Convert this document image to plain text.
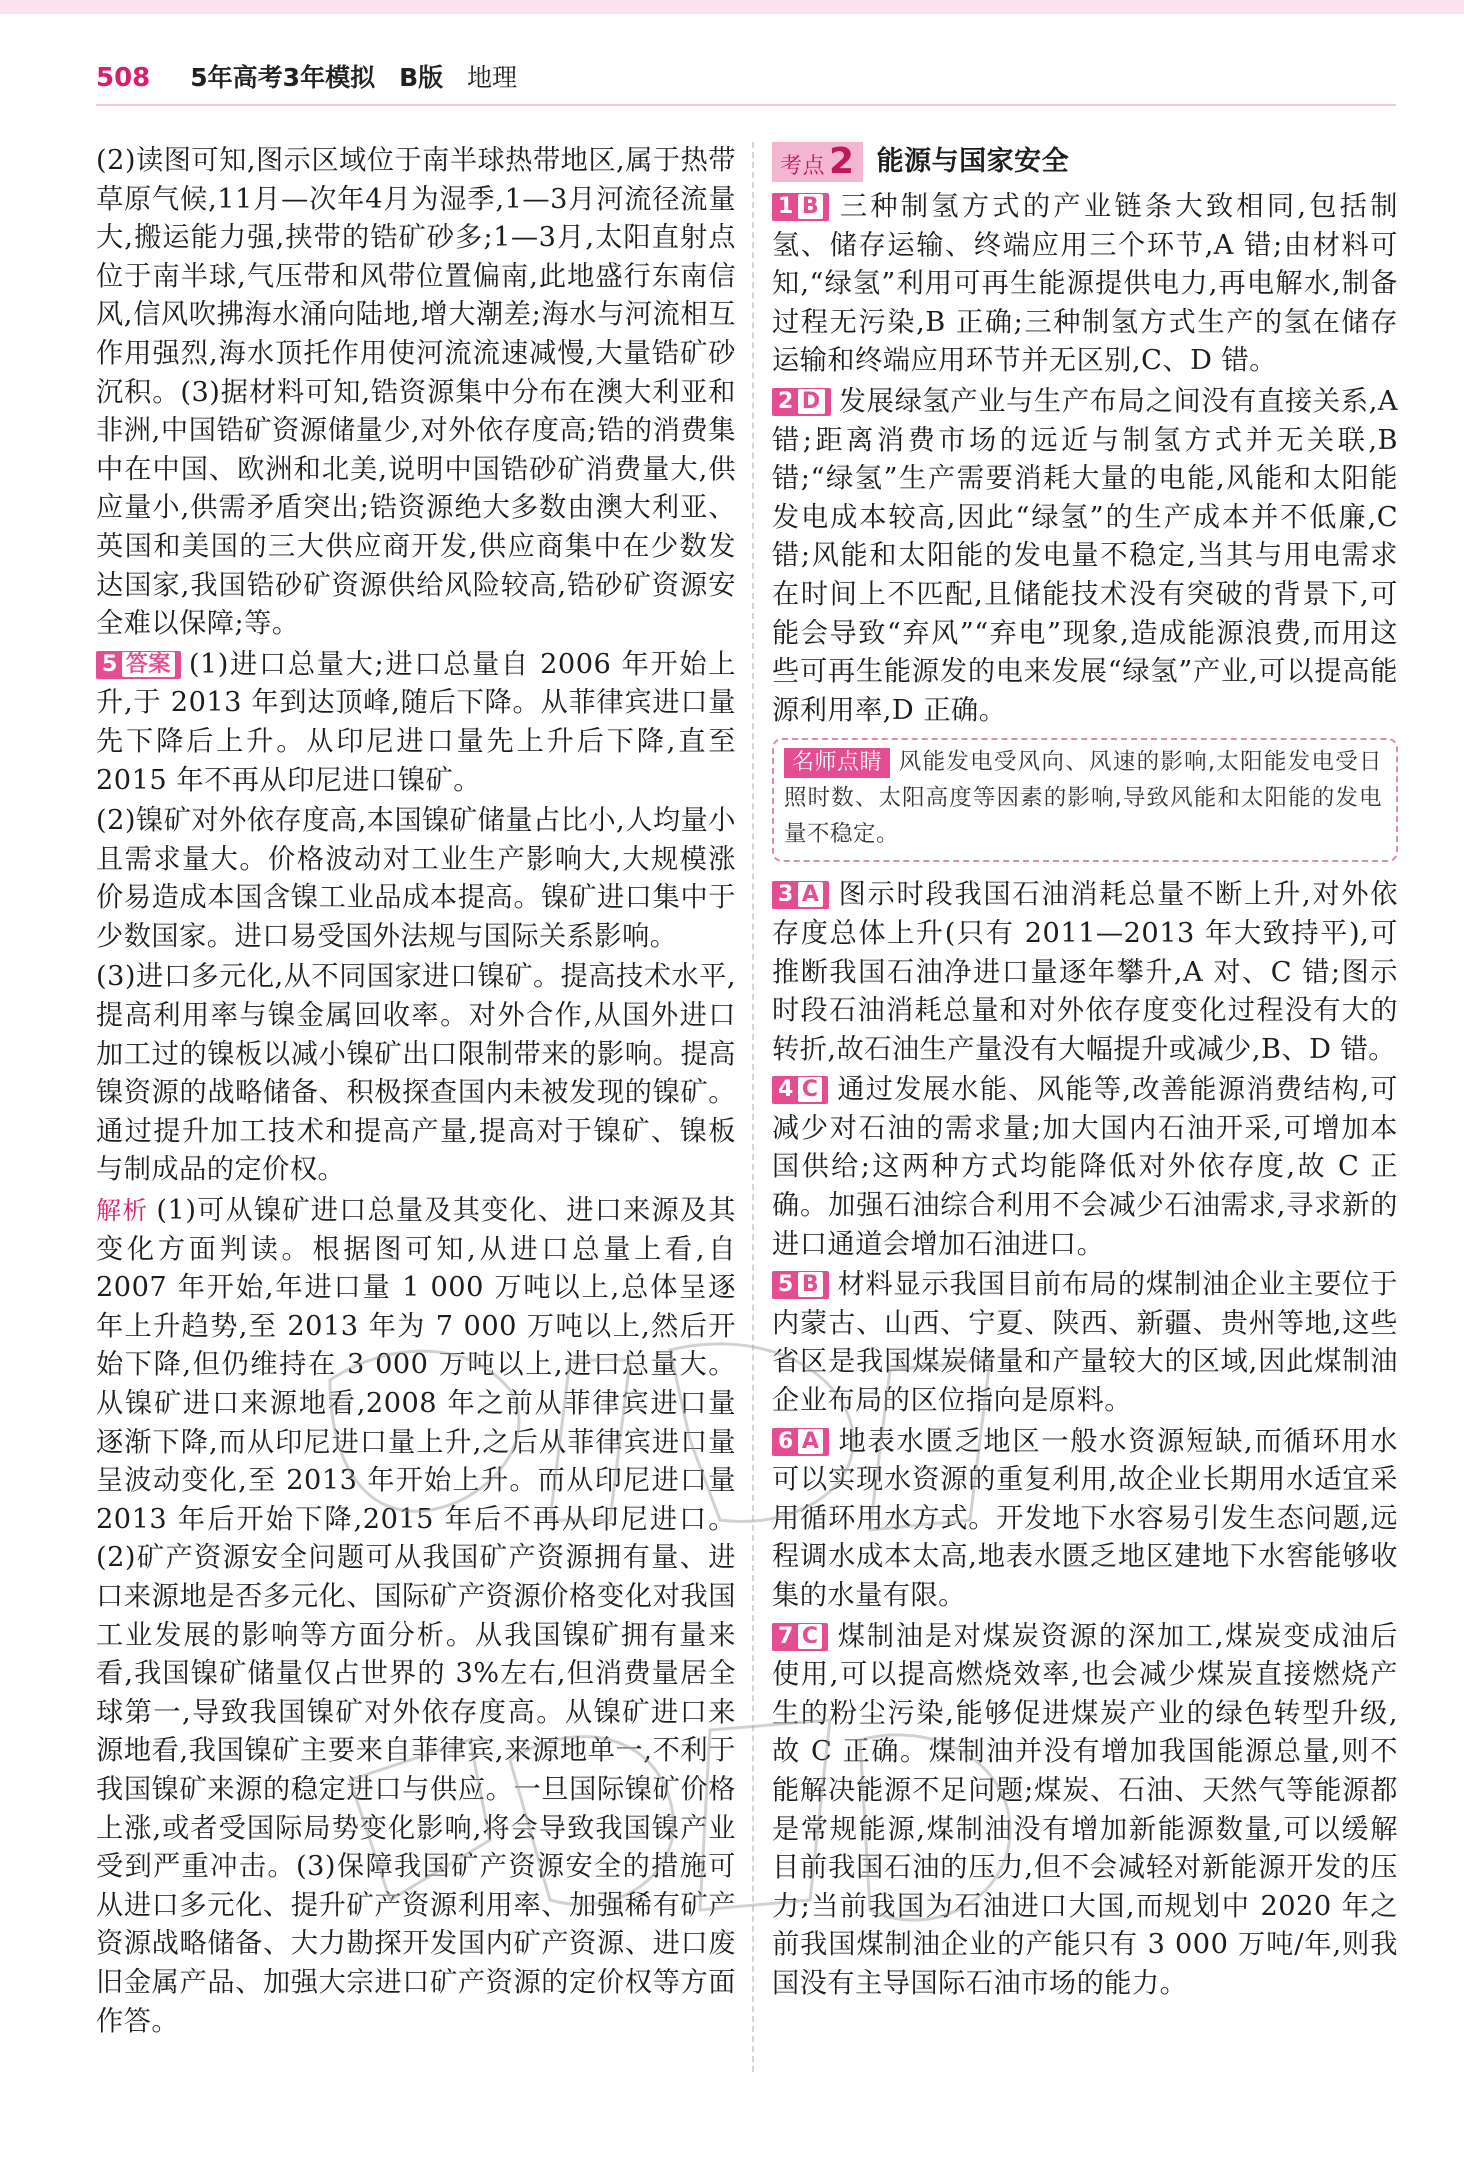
508 5年高考3年模拟 B版 地理

(2)读图可知,图示区域位于南半球热带地区,属于热带草原气候,11月—次年4月为湿季,1—3月河流径流量大,搬运能力强,挟带的锆矿砂多;1—3月,太阳直射点位于南半球,气压带和风带位置偏南,此地盛行东南信风,信风吹拂海水涌向陆地,增大潮差;海水与河流相互作用强烈,海水顶托作用使河流流速减慢,大量锆矿砂沉积。(3)据材料可知,锆资源集中分布在澳大利亚和非洲,中国锆矿资源储量少,对外依存度高;锆的消费集中在中国、欧洲和北美,说明中国锆砂矿消费量大,供应量小,供需矛盾突出;锆资源绝大多数由澳大利亚、英国和美国的三大供应商开发,供应商集中在少数发达国家,我国锆砂矿资源供给风险较高,锆砂矿资源安全难以保障;等。

5 答案 (1)进口总量大;进口总量自 2006 年开始上升,于 2013 年到达顶峰,随后下降。从菲律宾进口量先下降后上升。从印尼进口量先上升后下降,直至 2015 年不再从印尼进口镍矿。

(2)镍矿对外依存度高,本国镍矿储量占比小,人均量小且需求量大。价格波动对工业生产影响大,大规模涨价易造成本国含镍工业品成本提高。镍矿进口集中于少数国家。进口易受国外法规与国际关系影响。

(3)进口多元化,从不同国家进口镍矿。提高技术水平,提高利用率与镍金属回收率。对外合作,从国外进口加工过的镍板以减小镍矿出口限制带来的影响。提高镍资源的战略储备、积极探查国内未被发现的镍矿。通过提升加工技术和提高产量,提高对于镍矿、镍板与制成品的定价权。

解析 (1)可从镍矿进口总量及其变化、进口来源及其变化方面判读。根据图可知,从进口总量上看,自 2007 年开始,年进口量 1 000 万吨以上,总体呈逐年上升趋势,至 2013 年为 7 000 万吨以上,然后开始下降,但仍维持在 3 000 万吨以上,进口总量大。从镍矿进口来源地看,2008 年之前从菲律宾进口量逐渐下降,而从印尼进口量上升,之后从菲律宾进口量呈波动变化,至 2013 年开始上升。而从印尼进口量 2013 年后开始下降,2015 年后不再从印尼进口。(2)矿产资源安全问题可从我国矿产资源拥有量、进口来源地是否多元化、国际矿产资源价格变化对我国工业发展的影响等方面分析。从我国镍矿拥有量来看,我国镍矿储量仅占世界的 3%左右,但消费量居全球第一,导致我国镍矿对外依存度高。从镍矿进口来源地看,我国镍矿主要来自菲律宾,来源地单一,不利于我国镍矿来源的稳定进口与供应。一旦国际镍矿价格上涨,或者受国际局势变化影响,将会导致我国镍产业受到严重冲击。(3)保障我国矿产资源安全的措施可从进口多元化、提升矿产资源利用率、加强稀有矿产资源战略储备、大力勘探开发国内矿产资源、进口废旧金属产品、加强大宗进口矿产资源的定价权等方面作答。

考点 2 能源与国家安全

1 B 三种制氢方式的产业链条大致相同,包括制氢、储存运输、终端应用三个环节,A 错;由材料可知,“绿氢”利用可再生能源提供电力,再电解水,制备过程无污染,B 正确;三种制氢方式生产的氢在储存运输和终端应用环节并无区别,C、D 错。

2 D 发展绿氢产业与生产布局之间没有直接关系,A 错;距离消费市场的远近与制氢方式并无关联,B 错;“绿氢”生产需要消耗大量的电能,风能和太阳能发电成本较高,因此“绿氢”的生产成本并不低廉,C 错;风能和太阳能的发电量不稳定,当其与用电需求在时间上不匹配,且储能技术没有突破的背景下,可能会导致“弃风”“弃电”现象,造成能源浪费,而用这些可再生能源发的电来发展“绿氢”产业,可以提高能源利用率,D 正确。

名师点睛 风能发电受风向、风速的影响,太阳能发电受日照时数、太阳高度等因素的影响,导致风能和太阳能的发电量不稳定。

3 A 图示时段我国石油消耗总量不断上升,对外依存度总体上升(只有 2011—2013 年大致持平),可推断我国石油净进口量逐年攀升,A 对、C 错;图示时段石油消耗总量和对外依存度变化过程没有大的转折,故石油生产量没有大幅提升或减少,B、D 错。

4 C 通过发展水能、风能等,改善能源消费结构,可减少对石油的需求量;加大国内石油开采,可增加本国供给;这两种方式均能降低对外依存度,故 C 正确。加强石油综合利用不会减少石油需求,寻求新的进口通道会增加石油进口。

5 B 材料显示我国目前布局的煤制油企业主要位于内蒙古、山西、宁夏、陕西、新疆、贵州等地,这些省区是我国煤炭储量和产量较大的区域,因此煤制油企业布局的区位指向是原料。

6 A 地表水匮乏地区一般水资源短缺,而循环用水可以实现水资源的重复利用,故企业长期用水适宜采用循环用水方式。开发地下水容易引发生态问题,远程调水成本太高,地表水匮乏地区建地下水窖能够收集的水量有限。

7 C 煤制油是对煤炭资源的深加工,煤炭变成油后使用,可以提高燃烧效率,也会减少煤炭直接燃烧产生的粉尘污染,能够促进煤炭产业的绿色转型升级,故 C 正确。煤制油并没有增加我国能源总量,则不能解决能源不足问题;煤炭、石油、天然气等能源都是常规能源,煤制油没有增加新能源数量,可以缓解目前我国石油的压力,但不会减轻对新能源开发的压力;当前我国为石油进口大国,而规划中 2020 年之前我国煤制油企业的产能只有 3 000 万吨/年,则我国没有主导国际石油市场的能力。
